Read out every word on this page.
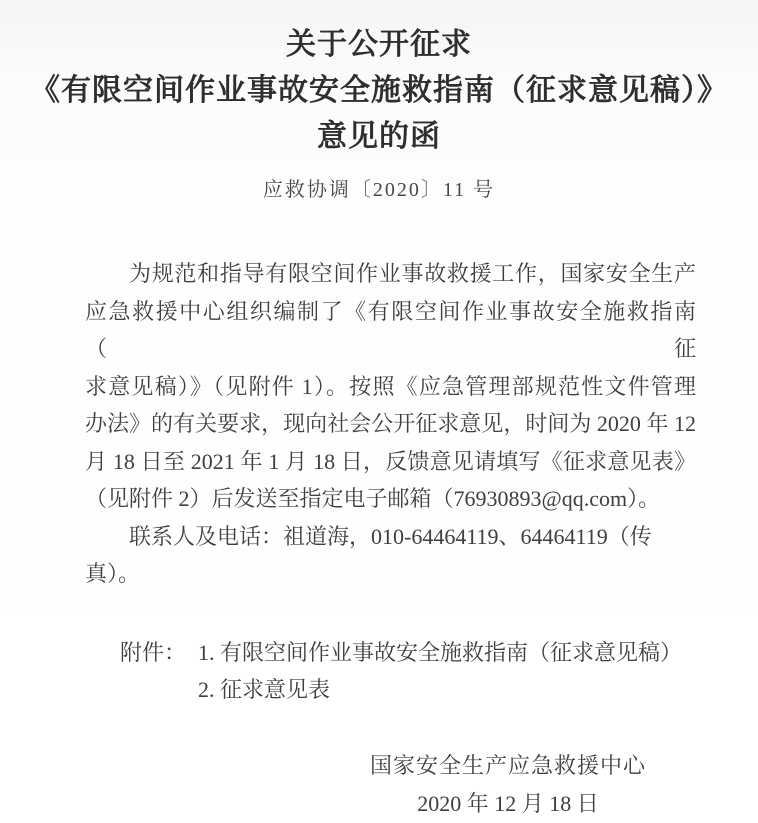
关于公开征求
《有限空间作业事故安全施救指南（征求意见稿）》
意见的函
应救协调〔2020〕11 号
为规范和指导有限空间作业事故救援工作，国家安全生产
应急救援中心组织编制了《有限空间作业事故安全施救指南（征
求意见稿）》（见附件 1）。按照《应急管理部规范性文件管理
办法》的有关要求，现向社会公开征求意见，时间为 2020 年 12
月 18 日至 2021 年 1 月 18 日，反馈意见请填写《征求意见表》
（见附件 2）后发送至指定电子邮箱（76930893@qq.com）。
联系人及电话：祖道海，010-64464119、64464119（传真）。
附件： 1. 有限空间作业事故安全施救指南（征求意见稿）
2. 征求意见表
国家安全生产应急救援中心
2020 年 12 月 18 日
